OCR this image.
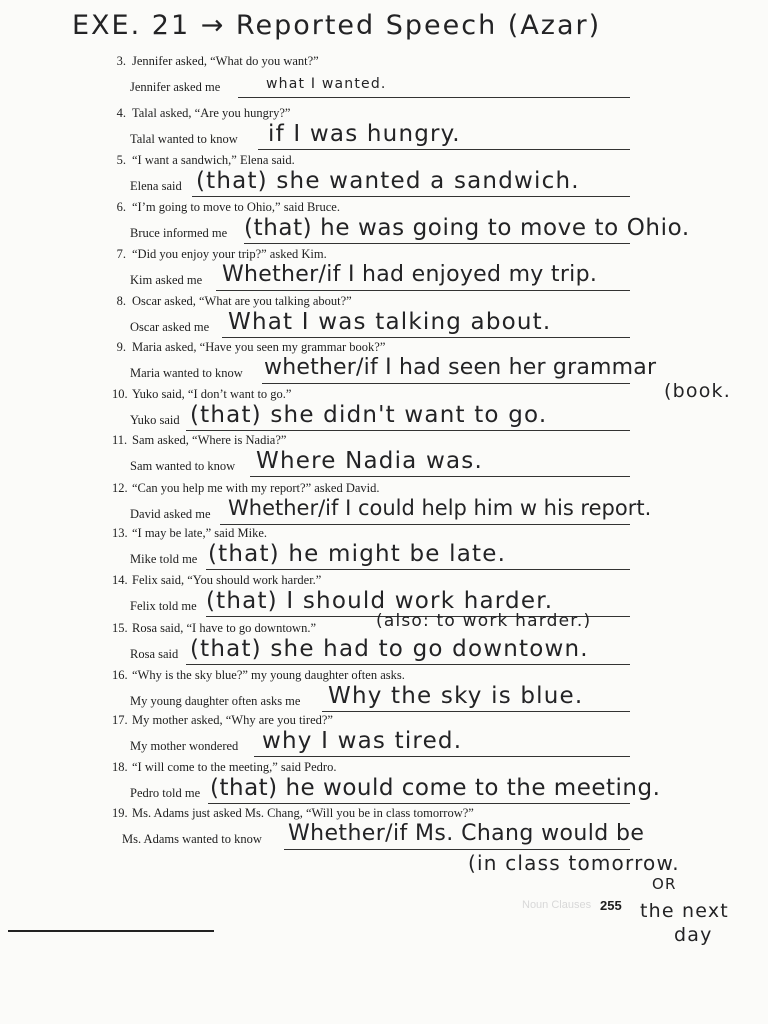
EXE. 21 → Reported Speech (Azar)
3. Jennifer asked, “What do you want?”
Jennifer asked me	what I wanted.
4. Talal asked, “Are you hungry?”
Talal wanted to know if I was hungry.
5. “I want a sandwich,” Elena said.
Elena said (that) she wanted a sandwich.
6. “I’m going to move to Ohio,” said Bruce.
Bruce informed me (that) he was going to move to Ohio.
7. “Did you enjoy your trip?” asked Kim.
Kim asked me Whether/if I had enjoyed my trip.
8. Oscar asked, “What are you talking about?”
Oscar asked me What I was talking about.
9. Maria asked, “Have you seen my grammar book?”
Maria wanted to know whether/if I had seen her grammar
(book.
10. Yuko said, “I don’t want to go.”
Yuko said (that) she didn't want to go.
11. Sam asked, “Where is Nadia?”
Sam wanted to know Where Nadia was.
12. “Can you help me with my report?” asked David.
David asked me Whether/if I could help him w his report.
13. “I may be late,” said Mike.
Mike told me (that) he might be late.
14. Felix said, “You should work harder.”
Felix told me (that) I should work harder.
(also: to work harder.)
15. Rosa said, “I have to go downtown.”
Rosa said (that) she had to go downtown.
16. “Why is the sky blue?” my young daughter often asks.
My young daughter often asks me Why the sky is blue.
17. My mother asked, “Why are you tired?”
My mother wondered why I was tired.
18. “I will come to the meeting,” said Pedro.
Pedro told me (that) he would come to the meeting.
19. Ms. Adams just asked Ms. Chang, “Will you be in class tomorrow?”
Ms. Adams wanted to know Whether/if Ms. Chang would be
(in class tomorrow.
OR
the next
day
Noun Clauses 255
